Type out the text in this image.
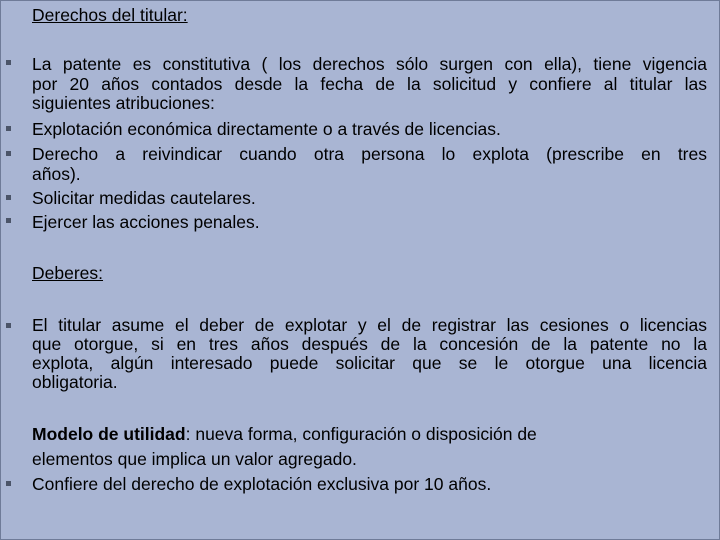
Derechos del titular:

La patente es constitutiva ( los derechos sólo surgen con ella), tiene vigencia

por 20 años contados desde la fecha de la solicitud y confiere al titular las

siguientes atribuciones:

Explotación económica directamente o a través de licencias.

Derecho a reivindicar cuando otra persona lo explota (prescribe en tres

años).

Solicitar medidas cautelares.

Ejercer las acciones penales.

Deberes:

El titular asume el deber de explotar y el de registrar las cesiones o licencias

que otorgue, si en tres años después de la concesión de la patente no la

explota, algún interesado puede solicitar que se le otorgue una licencia

obligatoria.

Modelo de utilidad: nueva forma, configuración o disposición de

elementos que implica un valor agregado.

Confiere del derecho de explotación exclusiva por 10 años.
